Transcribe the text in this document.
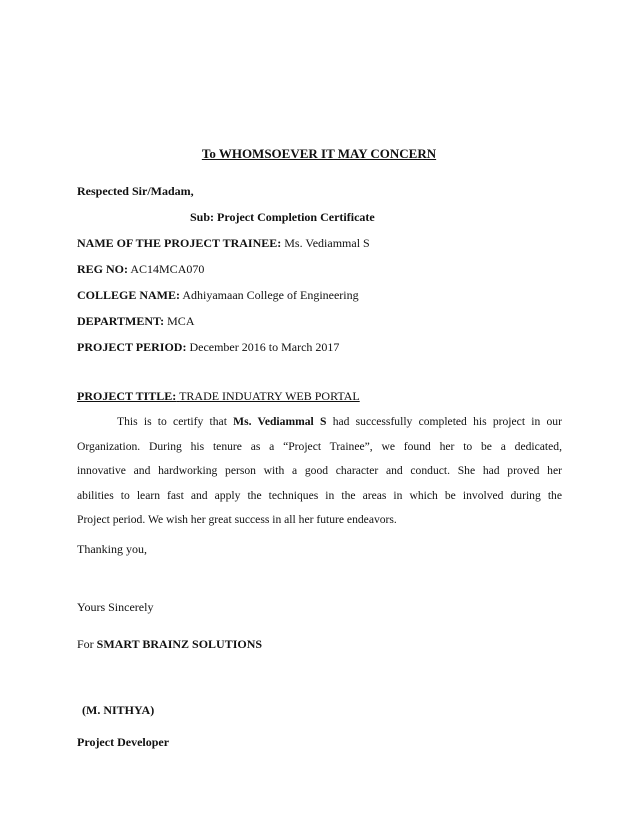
To WHOMSOEVER IT MAY CONCERN
Respected Sir/Madam,
Sub: Project Completion Certificate
NAME OF THE PROJECT TRAINEE: Ms. Vediammal S
REG NO: AC14MCA070
COLLEGE NAME: Adhiyamaan College of Engineering
DEPARTMENT: MCA
PROJECT PERIOD: December 2016 to March 2017
PROJECT TITLE: TRADE INDUATRY WEB PORTAL
This is to certify that Ms. Vediammal S had successfully completed his project in our
Organization. During his tenure as a “Project Trainee”, we found her to be a dedicated,
innovative and hardworking person with a good character and conduct. She had proved her
abilities to learn fast and apply the techniques in the areas in which be involved during the
Project period. We wish her great success in all her future endeavors.
Thanking you,
Yours Sincerely
For SMART BRAINZ SOLUTIONS
(M. NITHYA)
Project Developer
